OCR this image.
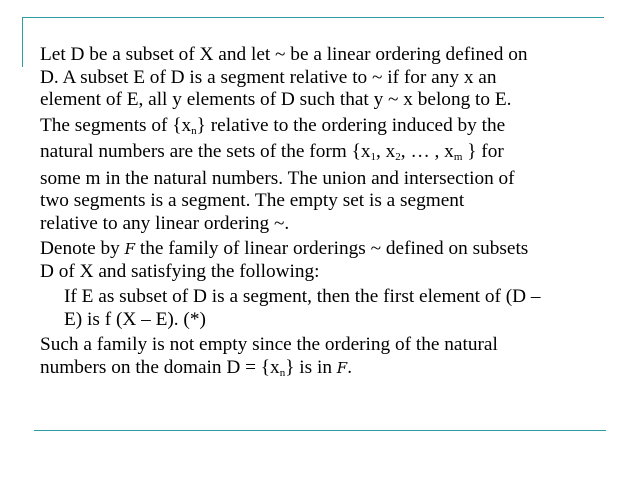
Let D be a subset of X and let ~ be a linear ordering defined on
D. A subset E of D is a segment relative to ~ if for any x an
element of E, all y elements of D such that y ~ x belong to E.

The segments of $\{x_n\}$ relative to the ordering induced by the
natural numbers are the sets of the form {$x_1$, $x_2$, … , $x_m$ } for
some m in the natural numbers. The union and intersection of
two segments is a segment. The empty set is a segment
relative to any linear ordering ~.

Denote by F the family of linear orderings ~ defined on subsets
D of X and satisfying the following:

If E as subset of D is a segment, then the first element of (D –
E) is f (X – E). (*)

Such a family is not empty since the ordering of the natural
numbers on the domain $D = \{x_n\}$ is in F.
